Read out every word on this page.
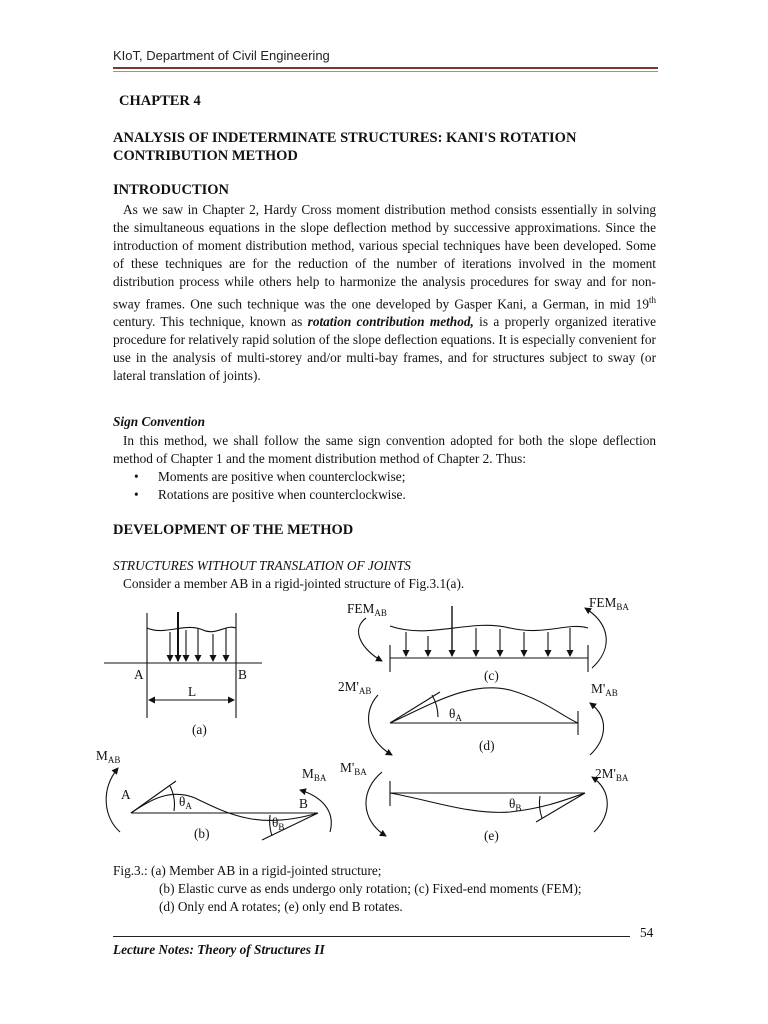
KIoT, Department of Civil Engineering
CHAPTER 4
ANALYSIS OF INDETERMINATE STRUCTURES: KANI'S ROTATION
CONTRIBUTION METHOD
INTRODUCTION
As we saw in Chapter 2, Hardy Cross moment distribution method consists essentially in solving the simultaneous equations in the slope deflection method by successive approximations. Since the introduction of moment distribution method, various special techniques have been developed. Some of these techniques are for the reduction of the number of iterations involved in the moment distribution process while others help to harmonize the analysis procedures for sway and for non-sway frames. One such technique was the one developed by Gasper Kani, a German, in mid 19th century. This technique, known as rotation contribution method, is a properly organized iterative procedure for relatively rapid solution of the slope deflection equations. It is especially convenient for use in the analysis of multi-storey and/or multi-bay frames, and for structures subject to sway (or lateral translation of joints).
Sign Convention
In this method, we shall follow the same sign convention adopted for both the slope deflection method of Chapter 1 and the moment distribution method of Chapter 2. Thus:
•	Moments are positive when counterclockwise;
•	Rotations are positive when counterclockwise.
DEVELOPMENT OF THE METHOD
STRUCTURES WITHOUT TRANSLATION OF JOINTS
Consider a member AB in a rigid-jointed structure of Fig.3.1(a).
A	B
L
(a)
$FEM_{AB}$
$FEM_{BA}$
(c)
$2M'_{AB}$	$M'_{AB}$
$\theta_A$
(d)
$M_{AB}$
$M_{BA}$
A
B
$\theta_A$
$\theta_B$
(b)
$M'_{BA}$	$2M'_{BA}$
$\theta_B$
(e)
Fig.3.: (a) Member AB in a rigid-jointed structure;
(b) Elastic curve as ends undergo only rotation; (c) Fixed-end moments (FEM);
(d) Only end A rotates; (e) only end B rotates.
54
Lecture Notes: Theory of Structures II
